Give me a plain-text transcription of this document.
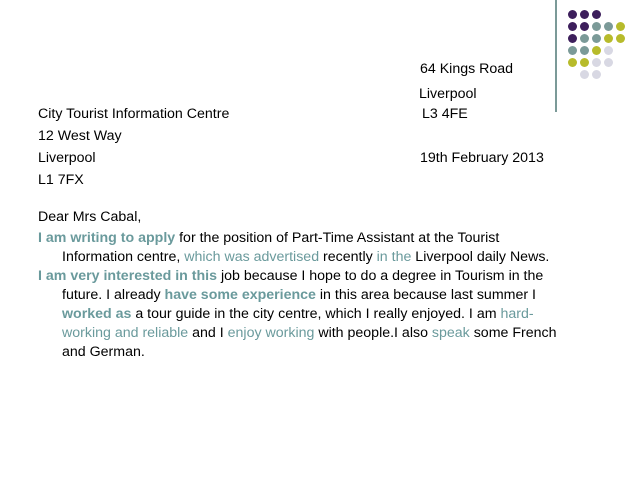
64 Kings Road
Liverpool
L3 4FE
19th February 2013
City Tourist Information Centre
12 West Way
Liverpool
L1 7FX
Dear Mrs Cabal,
I am writing to apply for the position of Part-Time Assistant at the Tourist
Information centre, which was advertised recently in the Liverpool daily News.
I am very interested in this job because I hope to do a degree in Tourism in the
future. I already have some experience in this area because last summer I
worked as a tour guide in the city centre, which I really enjoyed. I am hard-
working and reliable and I enjoy working with people.I also speak some French
and German.
